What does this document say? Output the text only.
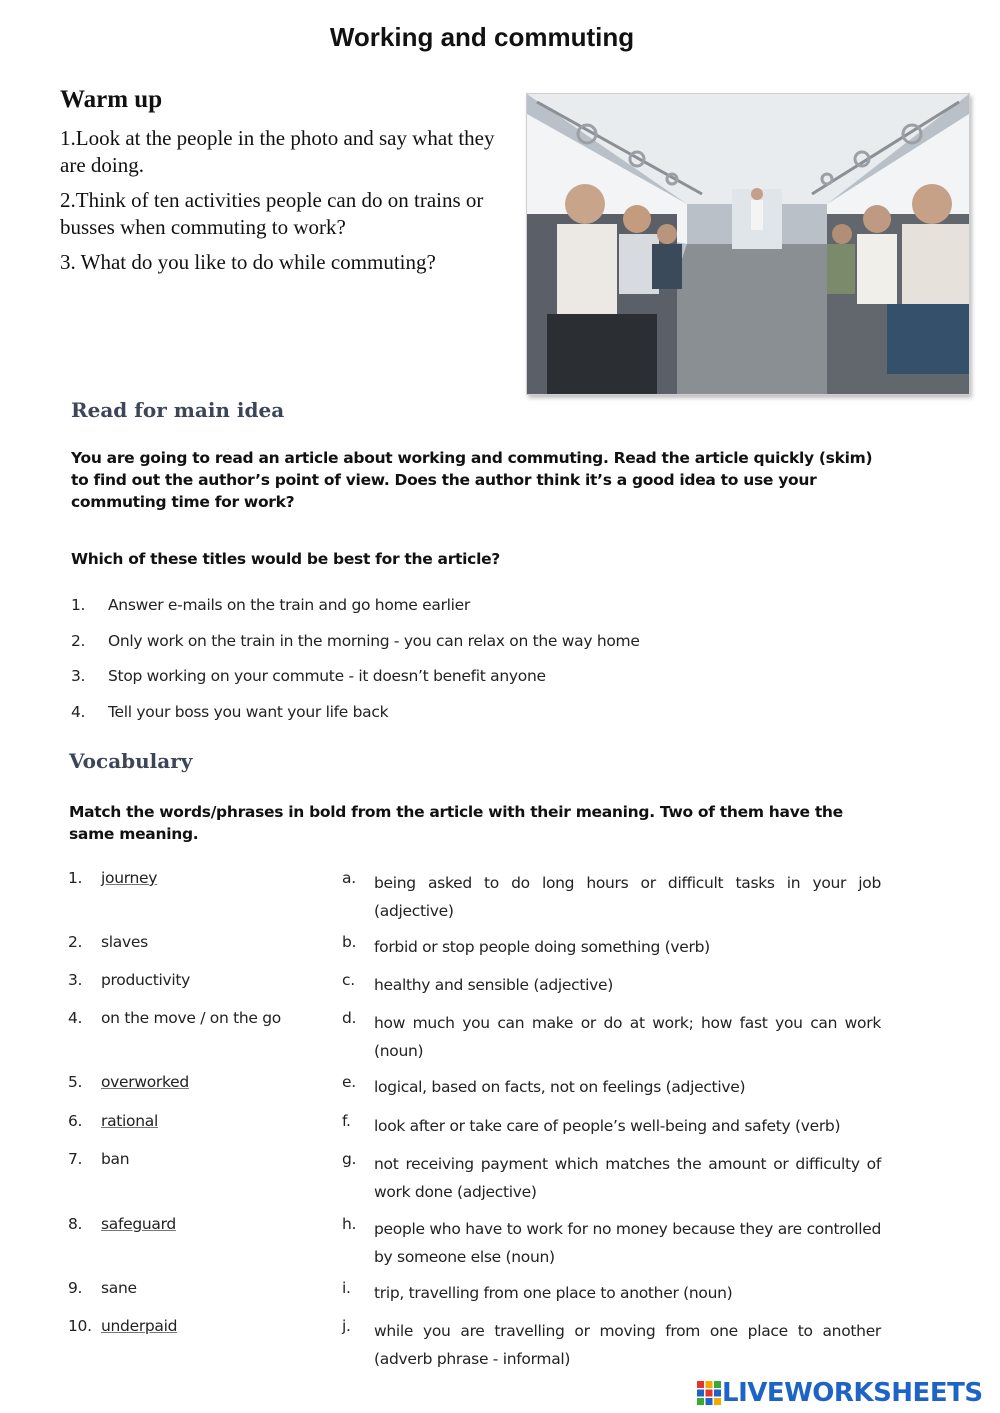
Working and commuting
Warm up
1.Look at the people in the photo and say what they are doing.
2.Think of ten activities people can do on trains or busses when commuting to work?
3. What do you like to do while commuting?
Read for main idea
You are going to read an article about working and commuting. Read the article quickly (skim) to find out the author’s point of view. Does the author think it’s a good idea to use your commuting time for work?
Which of these titles would be best for the article?
1.	Answer e-mails on the train and go home earlier
2.	Only work on the train in the morning - you can relax on the way home
3.	Stop working on your commute - it doesn’t benefit anyone
4.	Tell your boss you want your life back
Vocabulary
Match the words/phrases in bold from the article with their meaning. Two of them have the same meaning.
1. journey	a. being asked to do long hours or difficult tasks in your job (adjective)
2. slaves	b. forbid or stop people doing something (verb)
3. productivity	c. healthy and sensible (adjective)
4. on the move / on the go	d. how much you can make or do at work; how fast you can work (noun)
5. overworked	e. logical, based on facts, not on feelings (adjective)
6. rational	f. look after or take care of people’s well-being and safety (verb)
7. ban	g. not receiving payment which matches the amount or difficulty of work done (adjective)
8. safeguard	h. people who have to work for no money because they are controlled by someone else (noun)
9. sane	i. trip, travelling from one place to another (noun)
10. underpaid	j. while you are travelling or moving from one place to another (adverb phrase - informal)
LIVEWORKSHEETS
